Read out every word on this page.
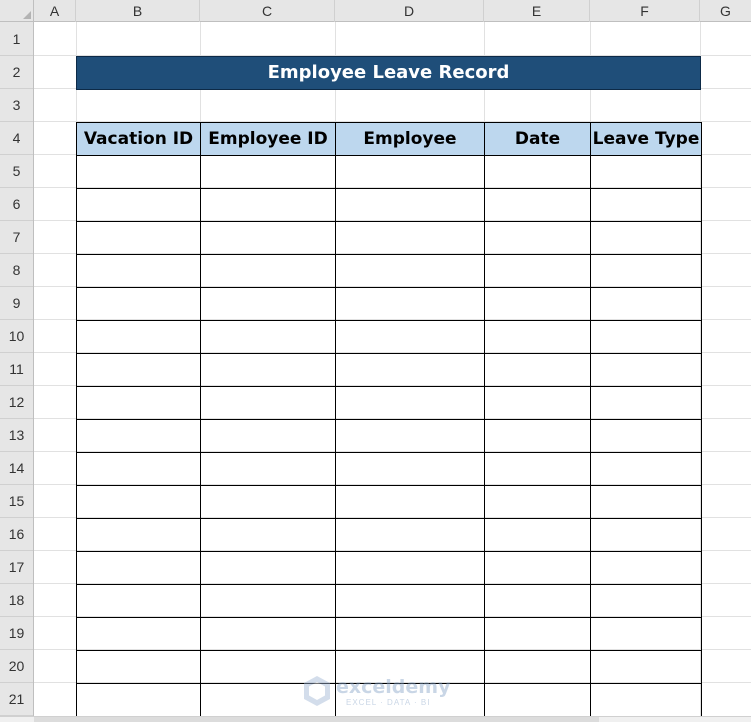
A	B	C	D	E	F	G
1
2
3
4
5
6
7
8
9
10
11
12
13
14
15
16
17
18
19
20
21
Employee Leave Record
Vacation ID	Employee ID	Employee	Date	Leave Type

exceldemy
EXCEL · DATA · BI
